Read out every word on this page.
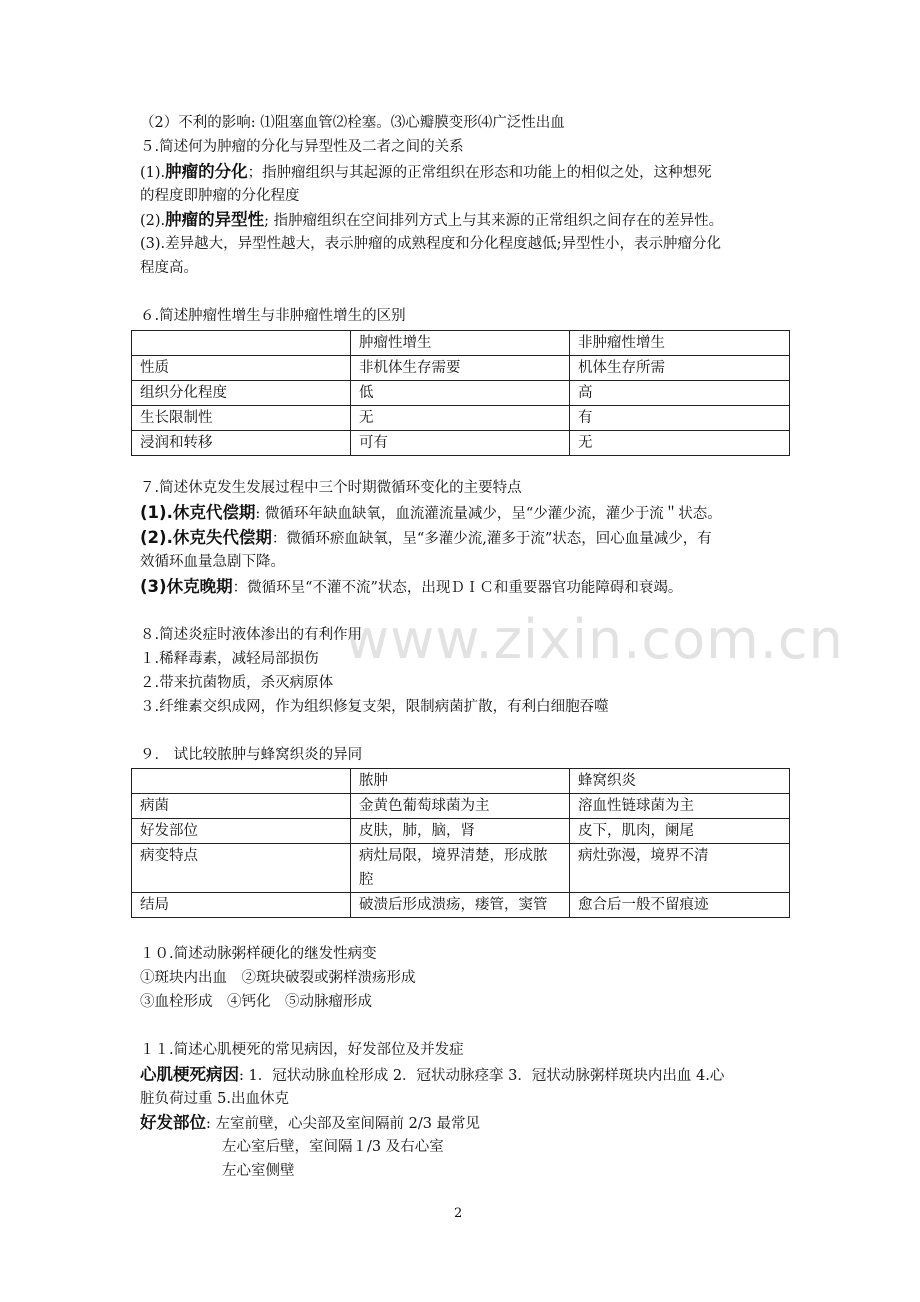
（2）不利的影响: ⑴阻塞血管⑵栓塞。⑶心瓣膜变形⑷广泛性出血
５.简述何为肿瘤的分化与异型性及二者之间的关系
(1).肿瘤的分化；指肿瘤组织与其起源的正常组织在形态和功能上的相似之处，这种想死
的程度即肿瘤的分化程度
(2).肿瘤的异型性; 指肿瘤组织在空间排列方式上与其来源的正常组织之间存在的差异性。
(3).差异越大，异型性越大，表示肿瘤的成熟程度和分化程度越低;异型性小，表示肿瘤分化
程度高。
６.简述肿瘤性增生与非肿瘤性增生的区别
	肿瘤性增生	非肿瘤性增生
性质	非机体生存需要	机体生存所需
组织分化程度	低	高
生长限制性	无	有
浸润和转移	可有	无
７.简述休克发生发展过程中三个时期微循环变化的主要特点
(1).休克代偿期: 微循环年缺血缺氧，血流灌流量减少，呈“少灌少流，灌少于流＂状态。
(2).休克失代偿期：微循环瘀血缺氧，呈“多灌少流,灌多于流”状态，回心血量减少，有
效循环血量急剧下降。
(3)休克晚期：微循环呈“不灌不流”状态，出现ＤＩＣ和重要器官功能障碍和衰竭。
８.简述炎症时液体渗出的有利作用
１.稀释毒素，减轻局部损伤
２.带来抗菌物质，杀灭病原体
３.纤维素交织成网，作为组织修复支架，限制病菌扩散，有利白细胞吞噬
９． 试比较脓肿与蜂窝织炎的异同
	脓肿	蜂窝织炎
病菌	金黄色葡萄球菌为主	溶血性链球菌为主
好发部位	皮肤，肺，脑，肾	皮下，肌肉，阑尾
病变特点	病灶局限，境界清楚，形成脓腔	病灶弥漫，境界不清
结局	破溃后形成溃疡，瘘管，窦管	愈合后一般不留痕迹
１０.简述动脉粥样硬化的继发性病变
①斑块内出血　②斑块破裂或粥样溃疡形成
③血栓形成　④钙化　⑤动脉瘤形成
１１.简述心肌梗死的常见病因，好发部位及并发症
心肌梗死病因: 1．冠状动脉血栓形成 2．冠状动脉痉挛 3．冠状动脉粥样斑块内出血 4.心
脏负荷过重 5.出血休克
好发部位: 左室前壁，心尖部及室间隔前 2/3 最常见
左心室后壁，室间隔１/3 及右心室
左心室侧壁
www.zixin.com.cn
2
